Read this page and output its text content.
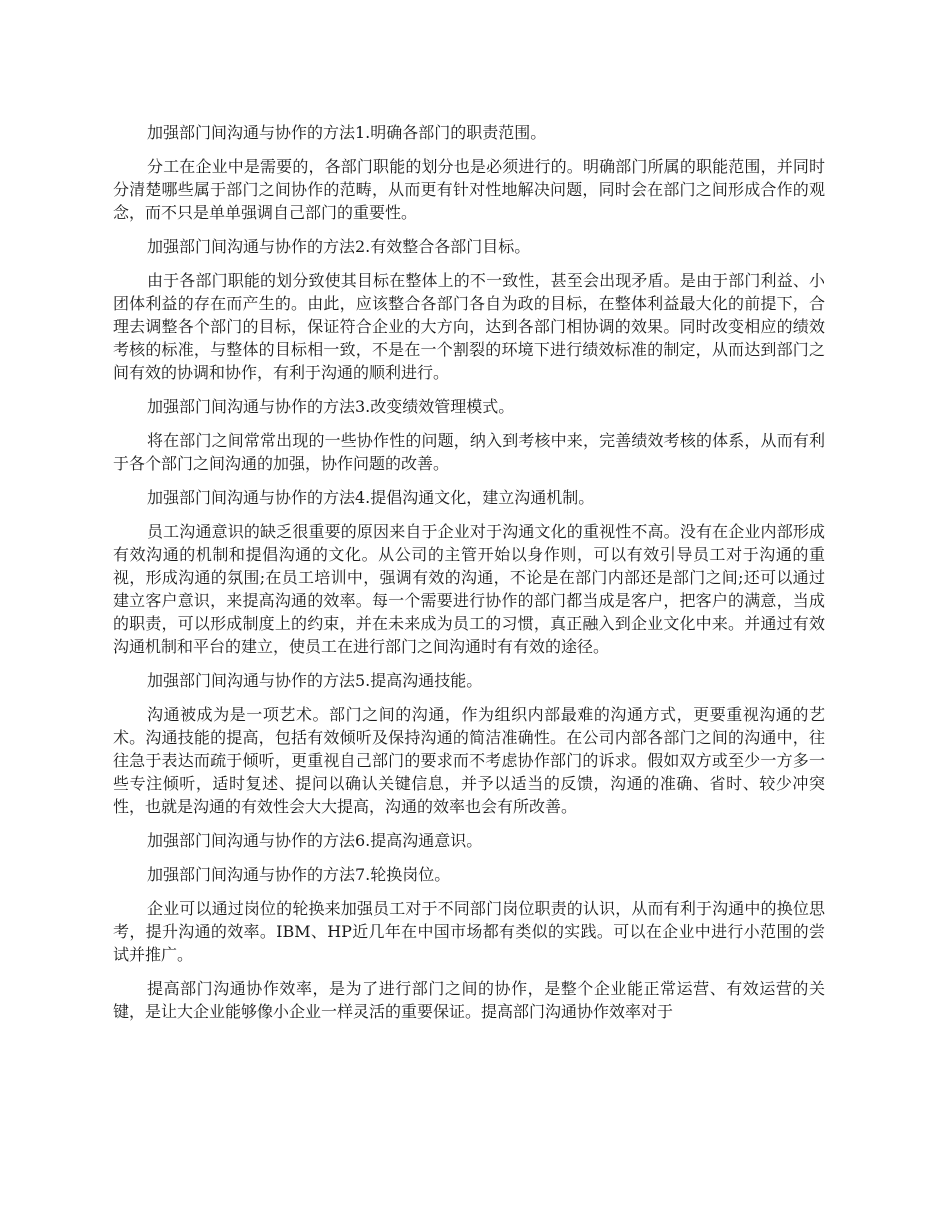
加强部门间沟通与协作的方法1.明确各部门的职责范围。

分工在企业中是需要的，各部门职能的划分也是必须进行的。明确部门所属的职能范围，并同时分清楚哪些属于部门之间协作的范畴，从而更有针对性地解决问题，同时会在部门之间形成合作的观念，而不只是单单强调自己部门的重要性。

加强部门间沟通与协作的方法2.有效整合各部门目标。

由于各部门职能的划分致使其目标在整体上的不一致性，甚至会出现矛盾。是由于部门利益、小团体利益的存在而产生的。由此，应该整合各部门各自为政的目标，在整体利益最大化的前提下，合理去调整各个部门的目标，保证符合企业的大方向，达到各部门相协调的效果。同时改变相应的绩效考核的标准，与整体的目标相一致，不是在一个割裂的环境下进行绩效标准的制定，从而达到部门之间有效的协调和协作，有利于沟通的顺利进行。

加强部门间沟通与协作的方法3.改变绩效管理模式。

将在部门之间常常出现的一些协作性的问题，纳入到考核中来，完善绩效考核的体系，从而有利于各个部门之间沟通的加强，协作问题的改善。

加强部门间沟通与协作的方法4.提倡沟通文化，建立沟通机制。

员工沟通意识的缺乏很重要的原因来自于企业对于沟通文化的重视性不高。没有在企业内部形成有效沟通的机制和提倡沟通的文化。从公司的主管开始以身作则，可以有效引导员工对于沟通的重视，形成沟通的氛围;在员工培训中，强调有效的沟通，不论是在部门内部还是部门之间;还可以通过建立客户意识，来提高沟通的效率。每一个需要进行协作的部门都当成是客户，把客户的满意，当成的职责，可以形成制度上的约束，并在未来成为员工的习惯，真正融入到企业文化中来。并通过有效沟通机制和平台的建立，使员工在进行部门之间沟通时有有效的途径。

加强部门间沟通与协作的方法5.提高沟通技能。

沟通被成为是一项艺术。部门之间的沟通，作为组织内部最难的沟通方式，更要重视沟通的艺术。沟通技能的提高，包括有效倾听及保持沟通的简洁准确性。在公司内部各部门之间的沟通中，往往急于表达而疏于倾听，更重视自己部门的要求而不考虑协作部门的诉求。假如双方或至少一方多一些专注倾听，适时复述、提问以确认关键信息，并予以适当的反馈，沟通的准确、省时、较少冲突性，也就是沟通的有效性会大大提高，沟通的效率也会有所改善。

加强部门间沟通与协作的方法6.提高沟通意识。

加强部门间沟通与协作的方法7.轮换岗位。

企业可以通过岗位的轮换来加强员工对于不同部门岗位职责的认识，从而有利于沟通中的换位思考，提升沟通的效率。IBM、HP近几年在中国市场都有类似的实践。可以在企业中进行小范围的尝试并推广。

提高部门沟通协作效率，是为了进行部门之间的协作，是整个企业能正常运营、有效运营的关键，是让大企业能够像小企业一样灵活的重要保证。提高部门沟通协作效率对于
